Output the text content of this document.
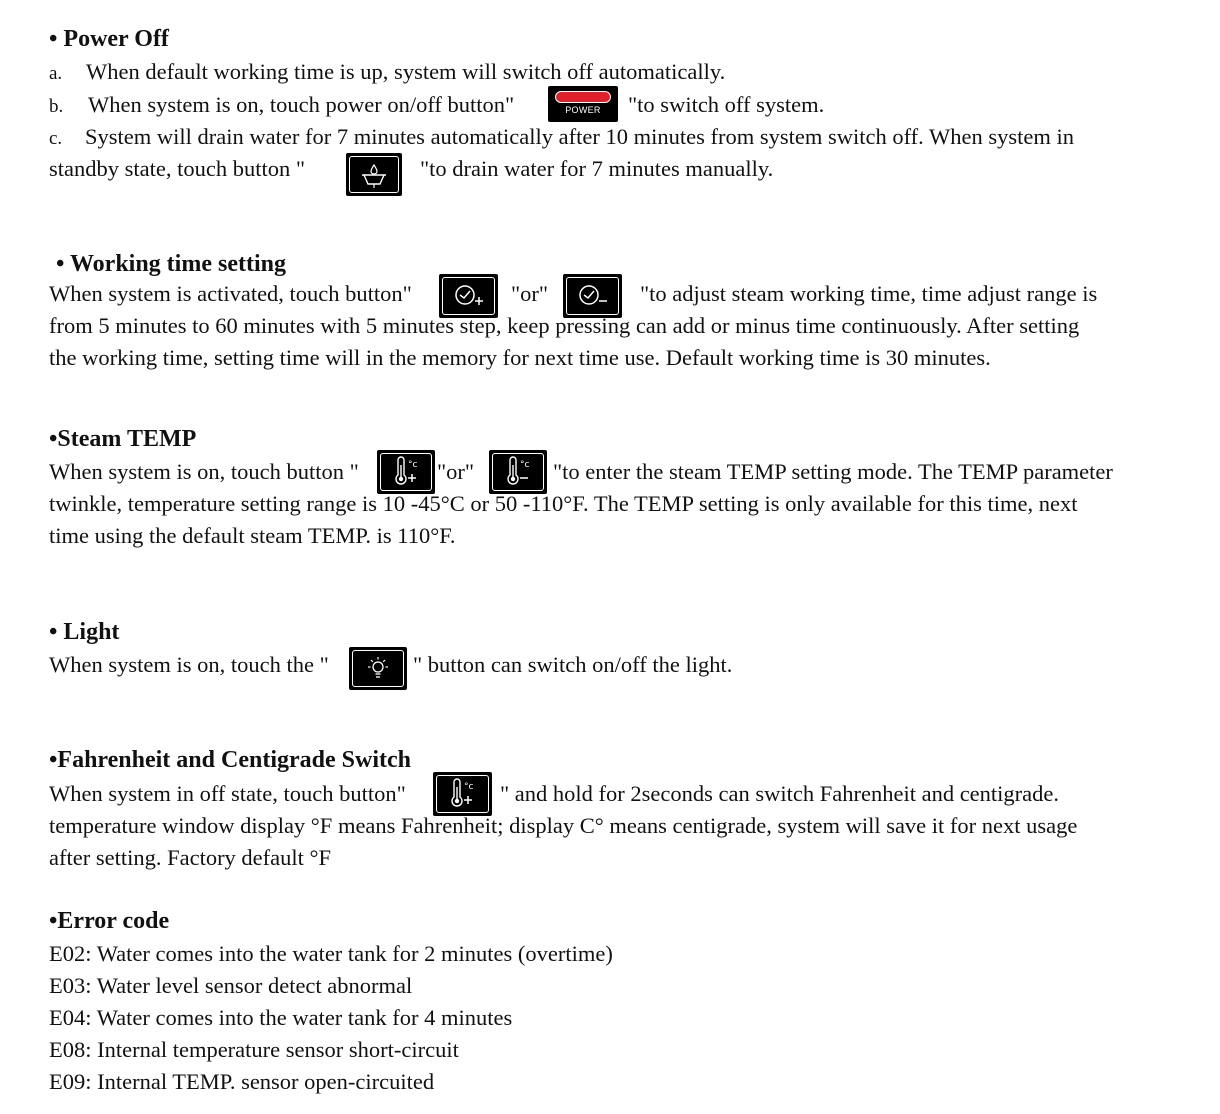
• Power Off
a. When default working time is up, system will switch off automatically.
b. When system is on, touch power on/off button"	POWER	"to switch off system.
c. System will drain water for 7 minutes automatically after 10 minutes from system switch off. When system in
standby state, touch button "	"to drain water for 7 minutes manually.
• Working time setting
When system is activated, touch button"	"or"	"to adjust steam working time, time adjust range is
from 5 minutes to 60 minutes with 5 minutes step, keep pressing can add or minus time continuously. After setting
the working time, setting time will in the memory for next time use. Default working time is 30 minutes.
•Steam TEMP
When system is on, touch button "	°c "or"	°c "to enter the steam TEMP setting mode. The TEMP parameter
twinkle, temperature setting range is 10 -45°C or 50 -110°F. The TEMP setting is only available for this time, next
time using the default steam TEMP. is 110°F.
• Light
When system is on, touch the "	" button can switch on/off the light.
•Fahrenheit and Centigrade Switch
When system in off state, touch button"	°c " and hold for 2seconds can switch Fahrenheit and centigrade.
temperature window display °F means Fahrenheit; display C° means centigrade, system will save it for next usage
after setting. Factory default °F
•Error code
E02: Water comes into the water tank for 2 minutes (overtime)
E03: Water level sensor detect abnormal
E04: Water comes into the water tank for 4 minutes
E08: Internal temperature sensor short-circuit
E09: Internal TEMP. sensor open-circuited
